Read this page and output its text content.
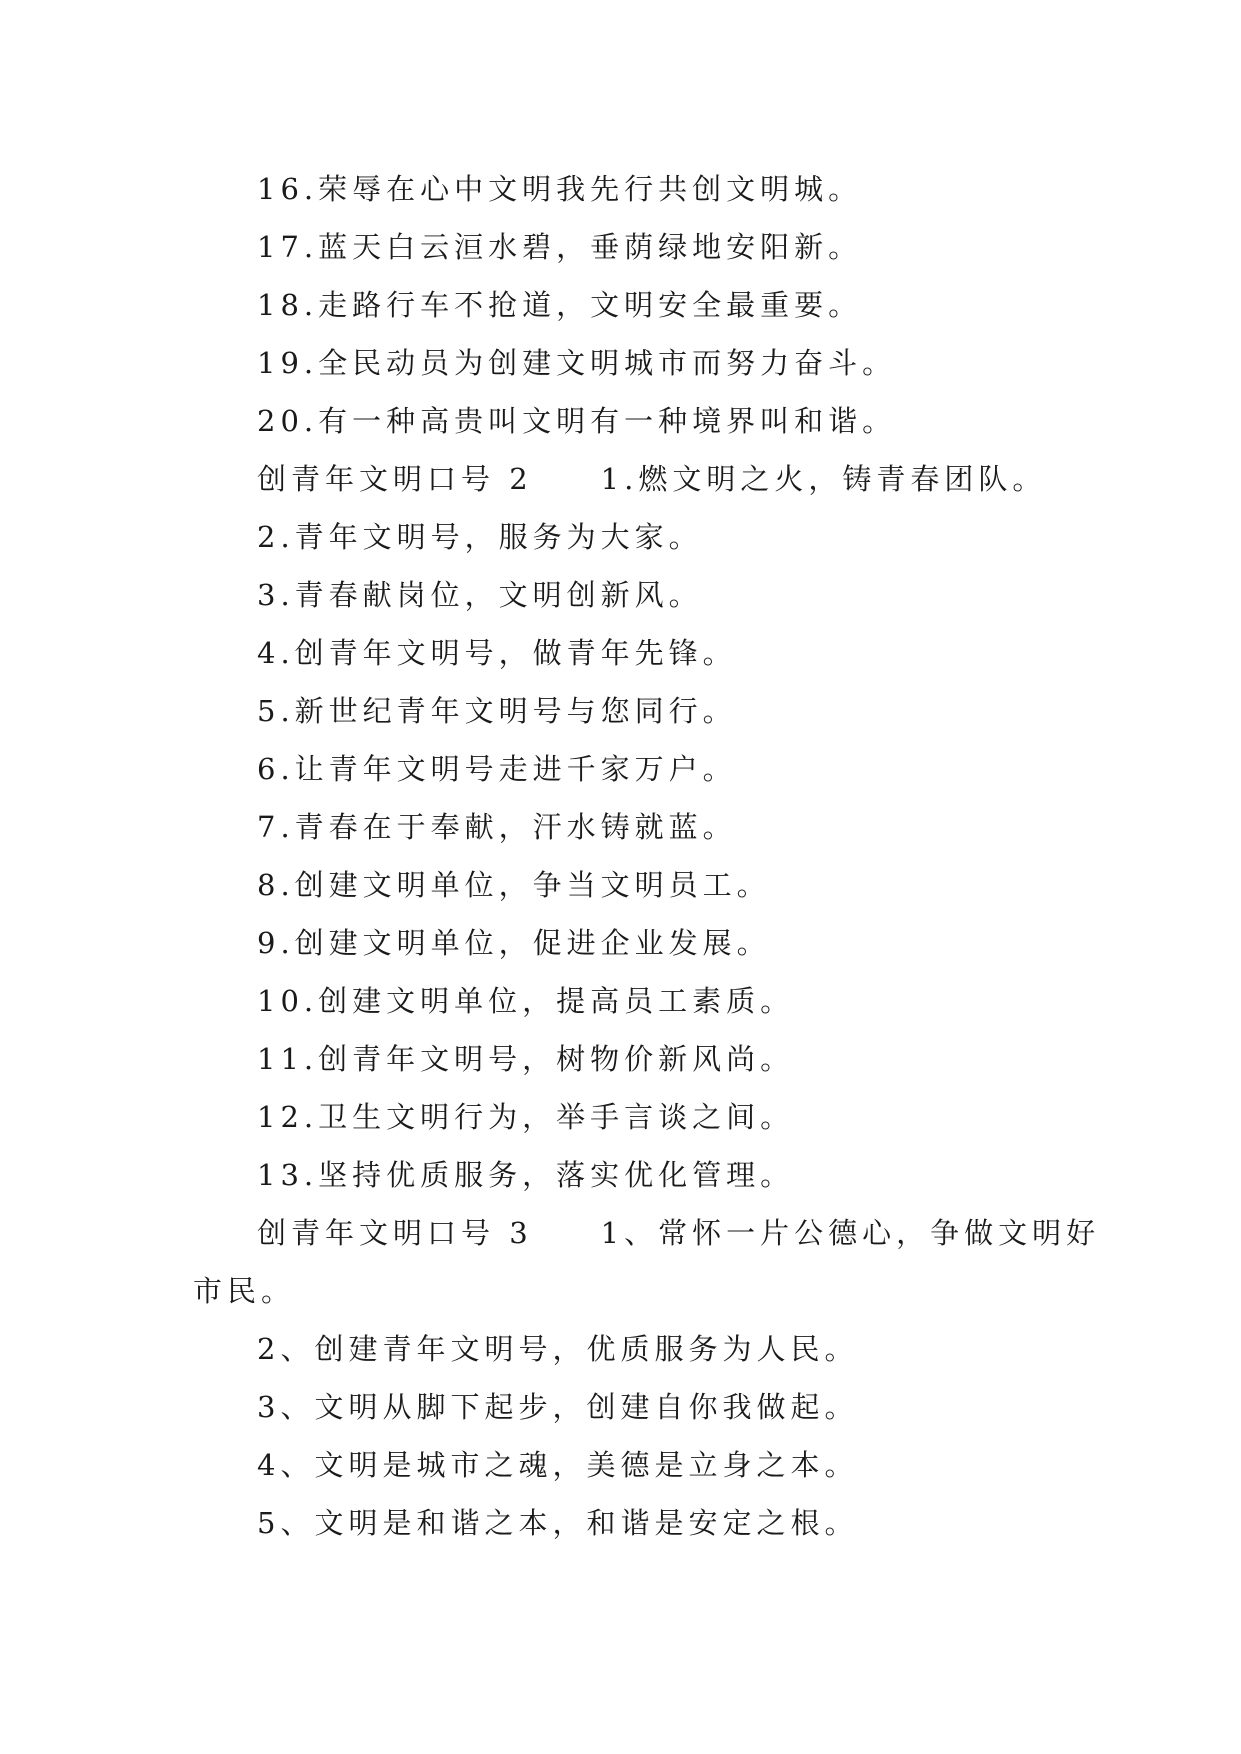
16.荣辱在心中文明我先行共创文明城。
17.蓝天白云洹水碧，垂荫绿地安阳新。
18.走路行车不抢道，文明安全最重要。
19.全民动员为创建文明城市而努力奋斗。
20.有一种高贵叫文明有一种境界叫和谐。
创青年文明口号 2　　1.燃文明之火，铸青春团队。
2.青年文明号，服务为大家。
3.青春献岗位，文明创新风。
4.创青年文明号，做青年先锋。
5.新世纪青年文明号与您同行。
6.让青年文明号走进千家万户。
7.青春在于奉献，汗水铸就蓝。
8.创建文明单位，争当文明员工。
9.创建文明单位，促进企业发展。
10.创建文明单位，提高员工素质。
11.创青年文明号，树物价新风尚。
12.卫生文明行为，举手言谈之间。
13.坚持优质服务，落实优化管理。
创青年文明口号 3　　1、常怀一片公德心，争做文明好
市民。
2、创建青年文明号，优质服务为人民。
3、文明从脚下起步，创建自你我做起。
4、文明是城市之魂，美德是立身之本。
5、文明是和谐之本，和谐是安定之根。
